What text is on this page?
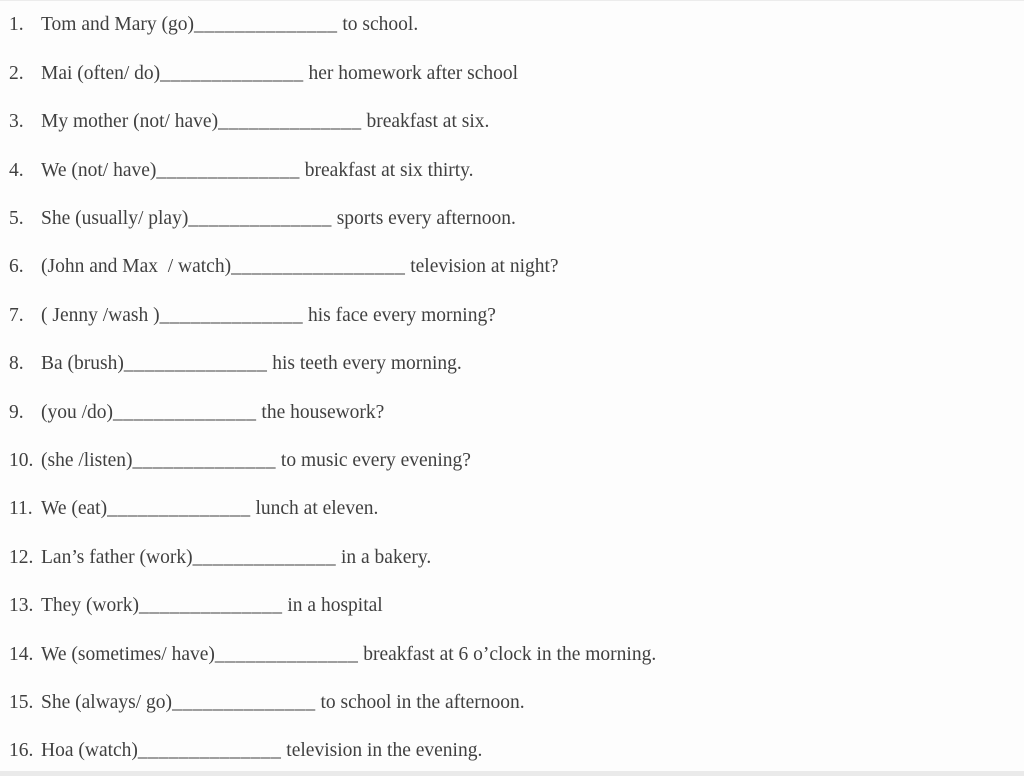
1. Tom and Mary (go) ______________ to school.
2. Mai (often/ do) ______________ her homework after school
3. My mother (not/ have) ______________ breakfast at six.
4. We (not/ have) ______________ breakfast at six thirty.
5. She (usually/ play) ______________ sports every afternoon.
6. (John and Max  / watch) _________________ television at night?
7. ( Jenny /wash ) ______________ his face every morning?
8. Ba (brush) ______________ his teeth every morning.
9. (you /do) ______________ the housework?
10. (she /listen) ______________ to music every evening?
11. We (eat) ______________ lunch at eleven.
12. Lan’s father (work) ______________ in a bakery.
13. They (work) ______________ in a hospital
14. We (sometimes/ have) ______________ breakfast at 6 o’clock in the morning.
15. She (always/ go) ______________ to school in the afternoon.
16. Hoa (watch) ______________ television in the evening.
